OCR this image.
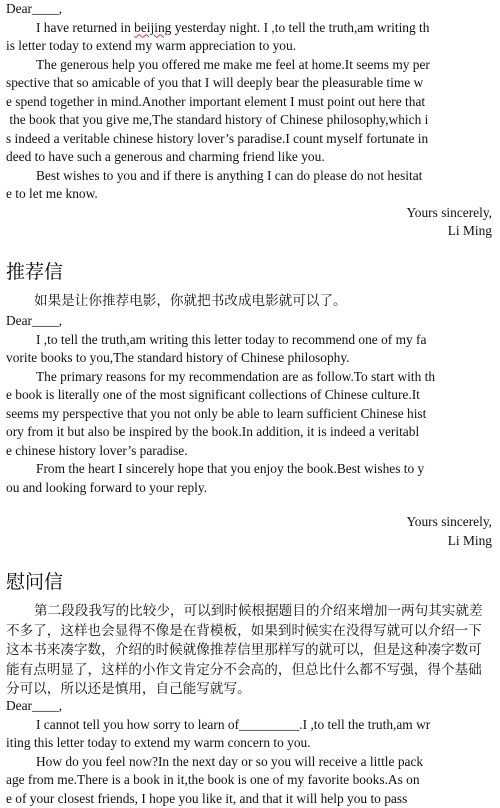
Dear____,
I have returned in beijing yesterday night. I ,to tell the truth,am writing th
is letter today to extend my warm appreciation to you.
The generous help you offered me make me feel at home.It seems my per
spective that so amicable of you that I will deeply bear the pleasurable time w
e spend together in mind.Another important element I must point out here that
the book that you give me,The standard history of Chinese philosophy,which i
s indeed a veritable chinese history lover’s paradise.I count myself fortunate in
deed to have such a generous and charming friend like you.
Best wishes to you and if there is anything I can do please do not hesitat
e to let me know.
Yours sincerely,
Li Ming
推荐信
如果是让你推荐电影，你就把书改成电影就可以了。
Dear____,
I ,to tell the truth,am writing this letter today to recommend one of my fa
vorite books to you,The standard history of Chinese philosophy.
The primary reasons for my recommendation are as follow.To start with th
e book is literally one of the most significant collections of Chinese culture.It
seems my perspective that you not only be able to learn sufficient Chinese hist
ory from it but also be inspired by the book.In addition, it is indeed a veritabl
e chinese history lover’s paradise.
From the heart I sincerely hope that you enjoy the book.Best wishes to y
ou and looking forward to your reply.
Yours sincerely,
Li Ming
慰问信
第二段段我写的比较少，可以到时候根据题目的介绍来增加一两句其实就差
不多了，这样也会显得不像是在背模板，如果到时候实在没得写就可以介绍一下
这本书来凑字数，介绍的时候就像推荐信里那样写的就可以，但是这种凑字数可
能有点明显了，这样的小作文肯定分不会高的，但总比什么都不写强，得个基础
分可以，所以还是慎用，自己能写就写。
Dear____,
I cannot tell you how sorry to learn of_________.I ,to tell the truth,am wr
iting this letter today to extend my warm concern to you.
How do you feel now?In the next day or so you will receive a little pack
age from me.There is a book in it,the book is one of my favorite books.As on
e of your closest friends, I hope you like it, and that it will help you to pass
